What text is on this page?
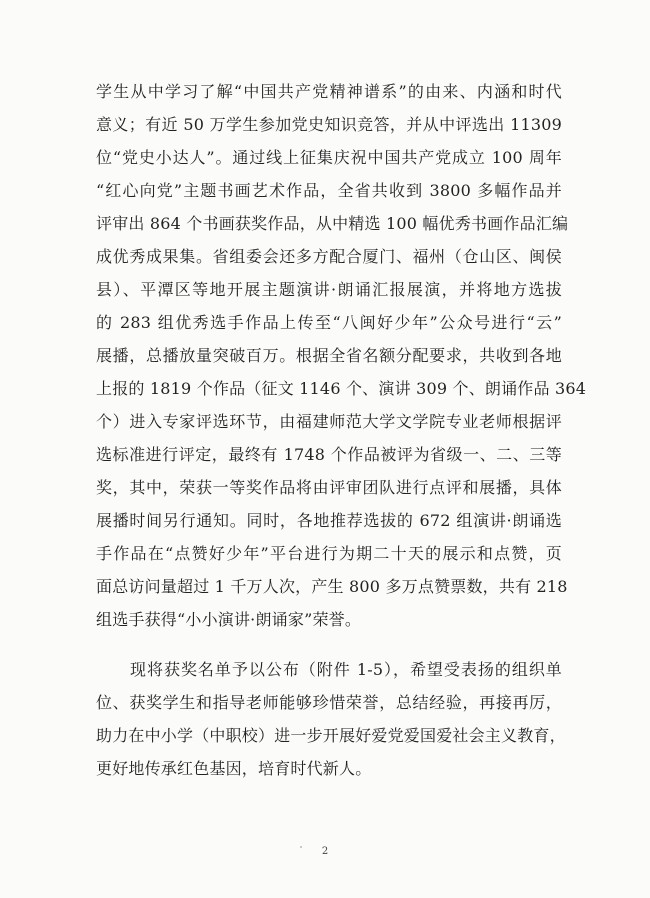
学生从中学习了解“中国共产党精神谱系”的由来、内涵和时代
意义；有近 50 万学生参加党史知识竞答，并从中评选出 11309
位“党史小达人”。通过线上征集庆祝中国共产党成立 100 周年
“红心向党”主题书画艺术作品，全省共收到 3800 多幅作品并
评审出 864 个书画获奖作品，从中精选 100 幅优秀书画作品汇编
成优秀成果集。省组委会还多方配合厦门、福州（仓山区、闽侯
县）、平潭区等地开展主题演讲·朗诵汇报展演，并将地方选拔
的 283 组优秀选手作品上传至“八闽好少年”公众号进行“云”
展播，总播放量突破百万。根据全省名额分配要求，共收到各地
上报的 1819 个作品（征文 1146 个、演讲 309 个、朗诵作品 364
个）进入专家评选环节，由福建师范大学文学院专业老师根据评
选标准进行评定，最终有 1748 个作品被评为省级一、二、三等
奖，其中，荣获一等奖作品将由评审团队进行点评和展播，具体
展播时间另行通知。同时，各地推荐选拔的 672 组演讲·朗诵选
手作品在“点赞好少年”平台进行为期二十天的展示和点赞，页
面总访问量超过 1 千万人次，产生 800 多万点赞票数，共有 218
组选手获得“小小演讲·朗诵家”荣誉。
现将获奖名单予以公布（附件 1-5），希望受表扬的组织单
位、获奖学生和指导老师能够珍惜荣誉，总结经验，再接再厉，
助力在中小学（中职校）进一步开展好爱党爱国爱社会主义教育，
更好地传承红色基因，培育时代新人。
2
